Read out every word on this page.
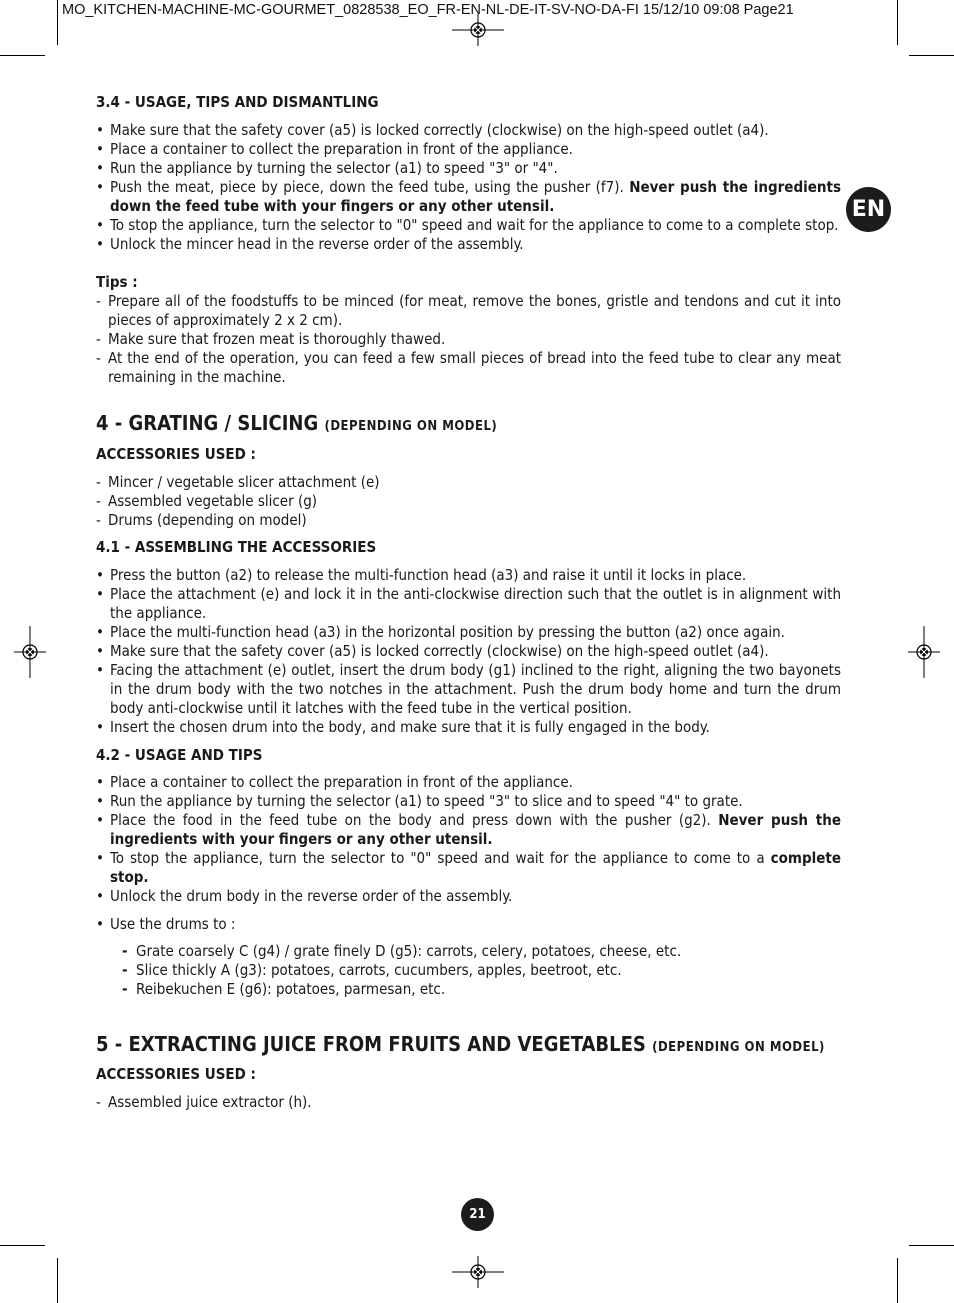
MO_KITCHEN-MACHINE-MC-GOURMET_0828538_EO_FR-EN-NL-DE-IT-SV-NO-DA-FI 15/12/10 09:08 Page21
EN

3.4 - USAGE, TIPS AND DISMANTLING

• Make sure that the safety cover (a5) is locked correctly (clockwise) on the high-speed outlet (a4).
• Place a container to collect the preparation in front of the appliance.
• Run the appliance by turning the selector (a1) to speed "3" or "4".
• Push the meat, piece by piece, down the feed tube, using the pusher (f7). Never push the ingredients down the feed tube with your fingers or any other utensil.
• To stop the appliance, turn the selector to "0" speed and wait for the appliance to come to a complete stop.
• Unlock the mincer head in the reverse order of the assembly.

Tips :

- Prepare all of the foodstuffs to be minced (for meat, remove the bones, gristle and tendons and cut it into pieces of approximately 2 x 2 cm).
- Make sure that frozen meat is thoroughly thawed.
- At the end of the operation, you can feed a few small pieces of bread into the feed tube to clear any meat remaining in the machine.

4 - GRATING / SLICING (DEPENDING ON MODEL)

ACCESSORIES USED :

- Mincer / vegetable slicer attachment (e)
- Assembled vegetable slicer (g)
- Drums (depending on model)

4.1 - ASSEMBLING THE ACCESSORIES

• Press the button (a2) to release the multi-function head (a3) and raise it until it locks in place.
• Place the attachment (e) and lock it in the anti-clockwise direction such that the outlet is in alignment with the appliance.
• Place the multi-function head (a3) in the horizontal position by pressing the button (a2) once again.
• Make sure that the safety cover (a5) is locked correctly (clockwise) on the high-speed outlet (a4).
• Facing the attachment (e) outlet, insert the drum body (g1) inclined to the right, aligning the two bayonets in the drum body with the two notches in the attachment. Push the drum body home and turn the drum body anti-clockwise until it latches with the feed tube in the vertical position.
• Insert the chosen drum into the body, and make sure that it is fully engaged in the body.

4.2 - USAGE AND TIPS

• Place a container to collect the preparation in front of the appliance.
• Run the appliance by turning the selector (a1) to speed "3" to slice and to speed "4" to grate.
• Place the food in the feed tube on the body and press down with the pusher (g2). Never push the ingredients with your fingers or any other utensil.
• To stop the appliance, turn the selector to "0" speed and wait for the appliance to come to a complete stop.
• Unlock the drum body in the reverse order of the assembly.
• Use the drums to :
- Grate coarsely C (g4) / grate finely D (g5): carrots, celery, potatoes, cheese, etc.
- Slice thickly A (g3): potatoes, carrots, cucumbers, apples, beetroot, etc.
- Reibekuchen E (g6): potatoes, parmesan, etc.

5 - EXTRACTING JUICE FROM FRUITS AND VEGETABLES (DEPENDING ON MODEL)

ACCESSORIES USED :

- Assembled juice extractor (h).
21
